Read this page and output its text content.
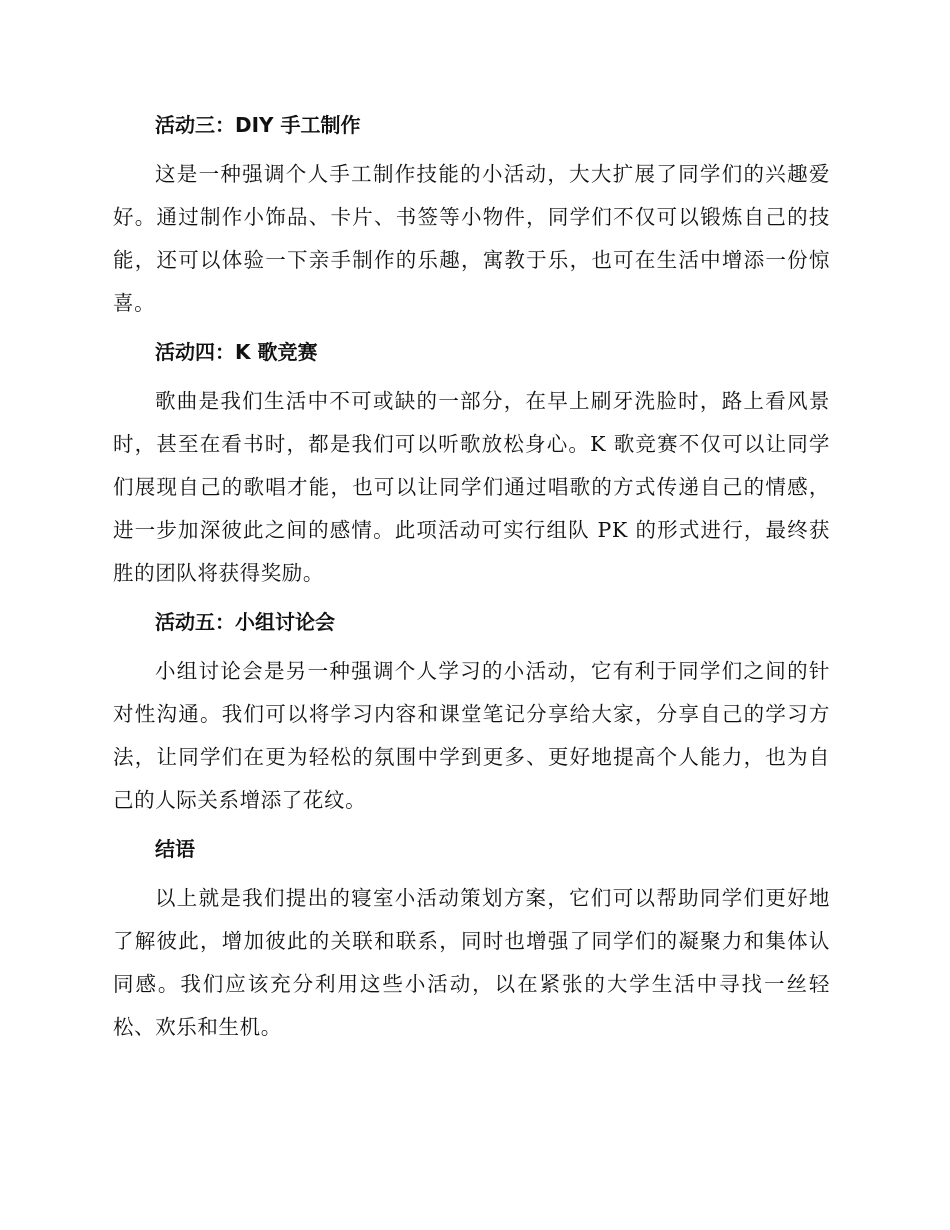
活动三：DIY 手工制作

这是一种强调个人手工制作技能的小活动，大大扩展了同学们的兴趣爱好。通过制作小饰品、卡片、书签等小物件，同学们不仅可以锻炼自己的技能，还可以体验一下亲手制作的乐趣，寓教于乐，也可在生活中增添一份惊喜。

活动四：K 歌竞赛

歌曲是我们生活中不可或缺的一部分，在早上刷牙洗脸时，路上看风景时，甚至在看书时，都是我们可以听歌放松身心。K 歌竞赛不仅可以让同学们展现自己的歌唱才能，也可以让同学们通过唱歌的方式传递自己的情感，进一步加深彼此之间的感情。此项活动可实行组队 PK 的形式进行，最终获胜的团队将获得奖励。

活动五：小组讨论会

小组讨论会是另一种强调个人学习的小活动，它有利于同学们之间的针对性沟通。我们可以将学习内容和课堂笔记分享给大家，分享自己的学习方法，让同学们在更为轻松的氛围中学到更多、更好地提高个人能力，也为自己的人际关系增添了花纹。

结语

以上就是我们提出的寝室小活动策划方案，它们可以帮助同学们更好地了解彼此，增加彼此的关联和联系，同时也增强了同学们的凝聚力和集体认同感。我们应该充分利用这些小活动，以在紧张的大学生活中寻找一丝轻松、欢乐和生机。
